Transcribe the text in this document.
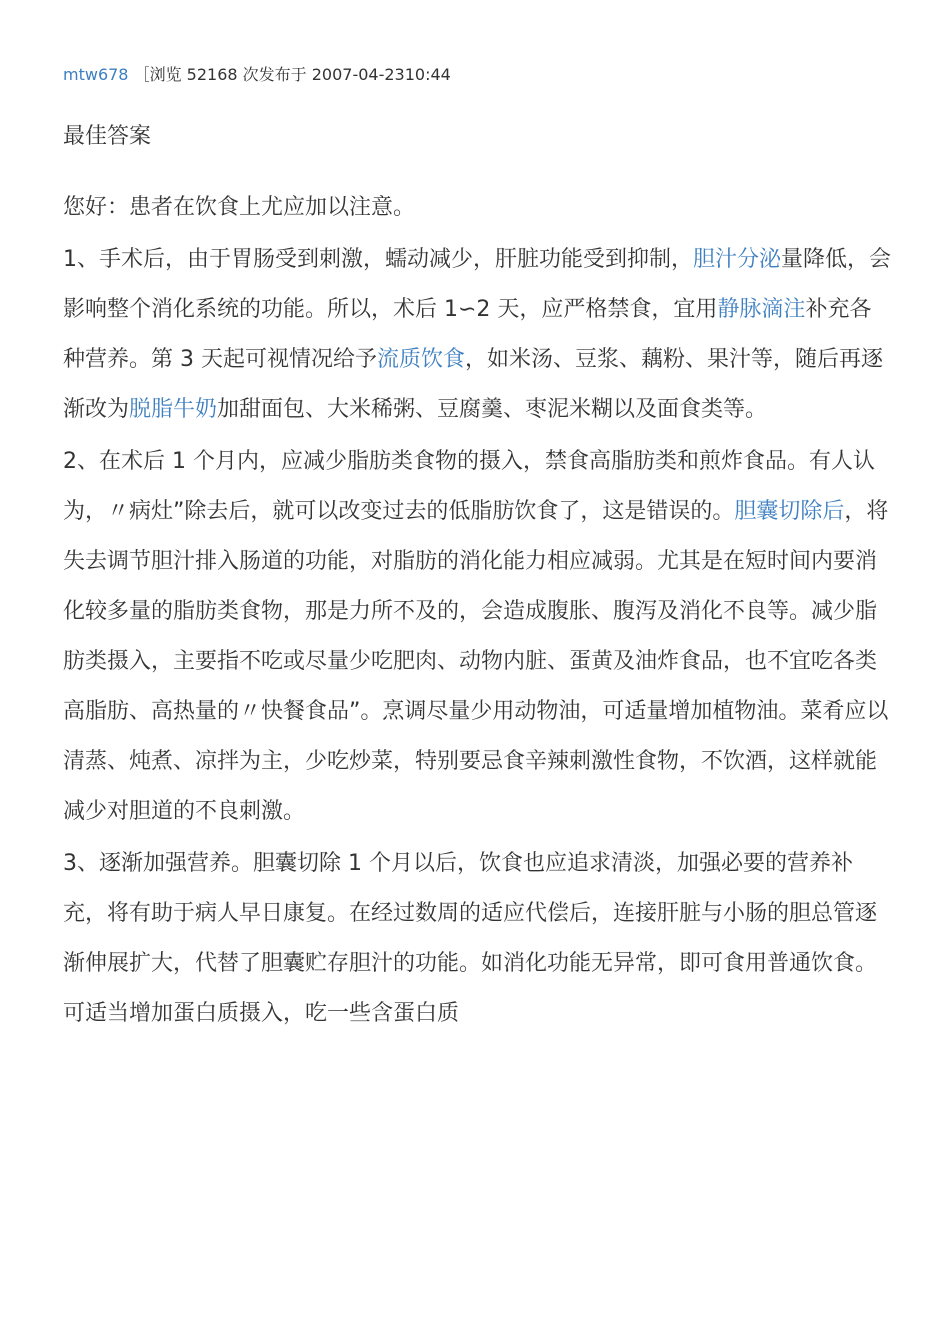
mtw678 ［浏览 52168 次发布于 2007-04-2310:44
最佳答案

您好：患者在饮食上尤应加以注意。

1、手术后，由于胃肠受到刺激，蠕动减少，肝脏功能受到抑制，胆汁分泌量降低，会影响整个消化系统的功能。所以，术后 1∽2 天，应严格禁食，宜用静脉滴注补充各种营养。第 3 天起可视情况给予流质饮食，如米汤、豆浆、藕粉、果汁等，随后再逐渐改为脱脂牛奶加甜面包、大米稀粥、豆腐羹、枣泥米糊以及面食类等。

2、在术后 1 个月内，应减少脂肪类食物的摄入，禁食高脂肪类和煎炸食品。有人认为，〃病灶”除去后，就可以改变过去的低脂肪饮食了，这是错误的。胆囊切除后，将失去调节胆汁排入肠道的功能，对脂肪的消化能力相应减弱。尤其是在短时间内要消化较多量的脂肪类食物，那是力所不及的，会造成腹胀、腹泻及消化不良等。减少脂肪类摄入，主要指不吃或尽量少吃肥肉、动物内脏、蛋黄及油炸食品，也不宜吃各类高脂肪、高热量的〃快餐食品”。烹调尽量少用动物油，可适量增加植物油。菜肴应以清蒸、炖煮、凉拌为主，少吃炒菜，特别要忌食辛辣刺激性食物，不饮酒，这样就能减少对胆道的不良刺激。

3、逐渐加强营养。胆囊切除 1 个月以后，饮食也应追求清淡，加强必要的营养补充，将有助于病人早日康复。在经过数周的适应代偿后，连接肝脏与小肠的胆总管逐渐伸展扩大，代替了胆囊贮存胆汁的功能。如消化功能无异常，即可食用普通饮食。可适当增加蛋白质摄入，吃一些含蛋白质
